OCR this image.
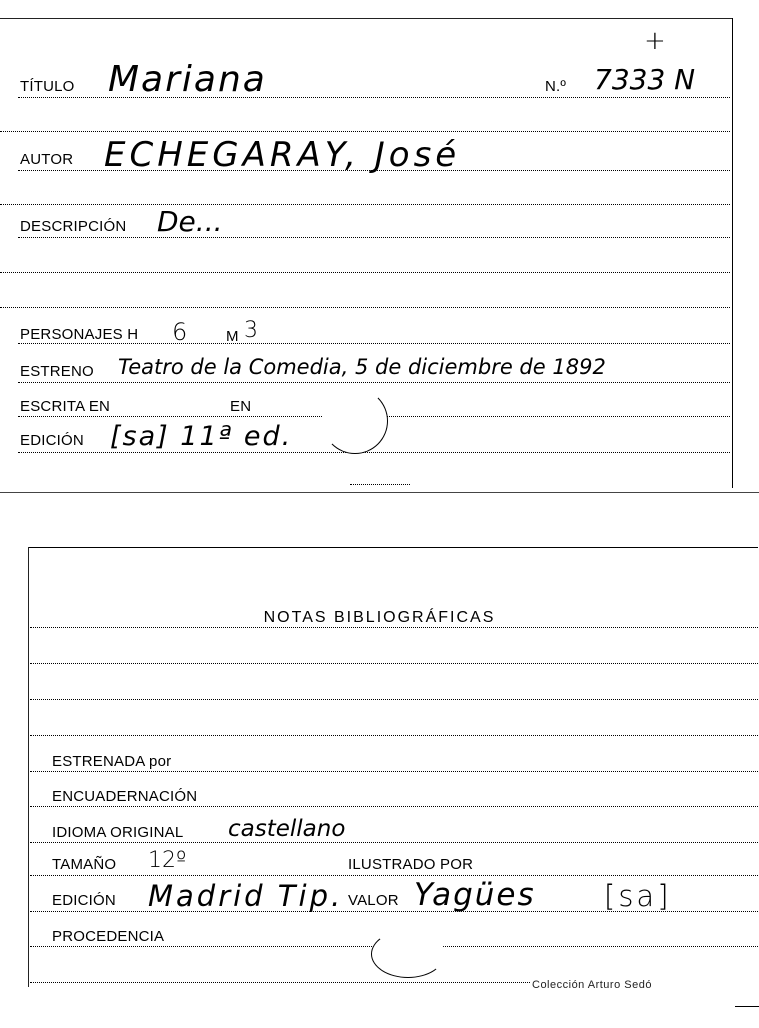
+
TÍTULO Mariana	N.º 7333 N
AUTOR ECHEGARAY, José
DESCRIPCIÓN De...
PERSONAJES H 6	M 3
ESTRENO Teatro de la Comedia, 5 de diciembre de 1892
ESCRITA EN	EN
EDICIÓN [sa] 11ª ed.
NOTAS BIBLIOGRÁFICAS
ESTRENADA por
ENCUADERNACIÓN
IDIOMA ORIGINAL castellano
TAMAÑO 12º	ILUSTRADO POR
EDICIÓN Madrid Tip. VALOR Yagües [sa]
PROCEDENCIA
Colección Arturo Sedó
